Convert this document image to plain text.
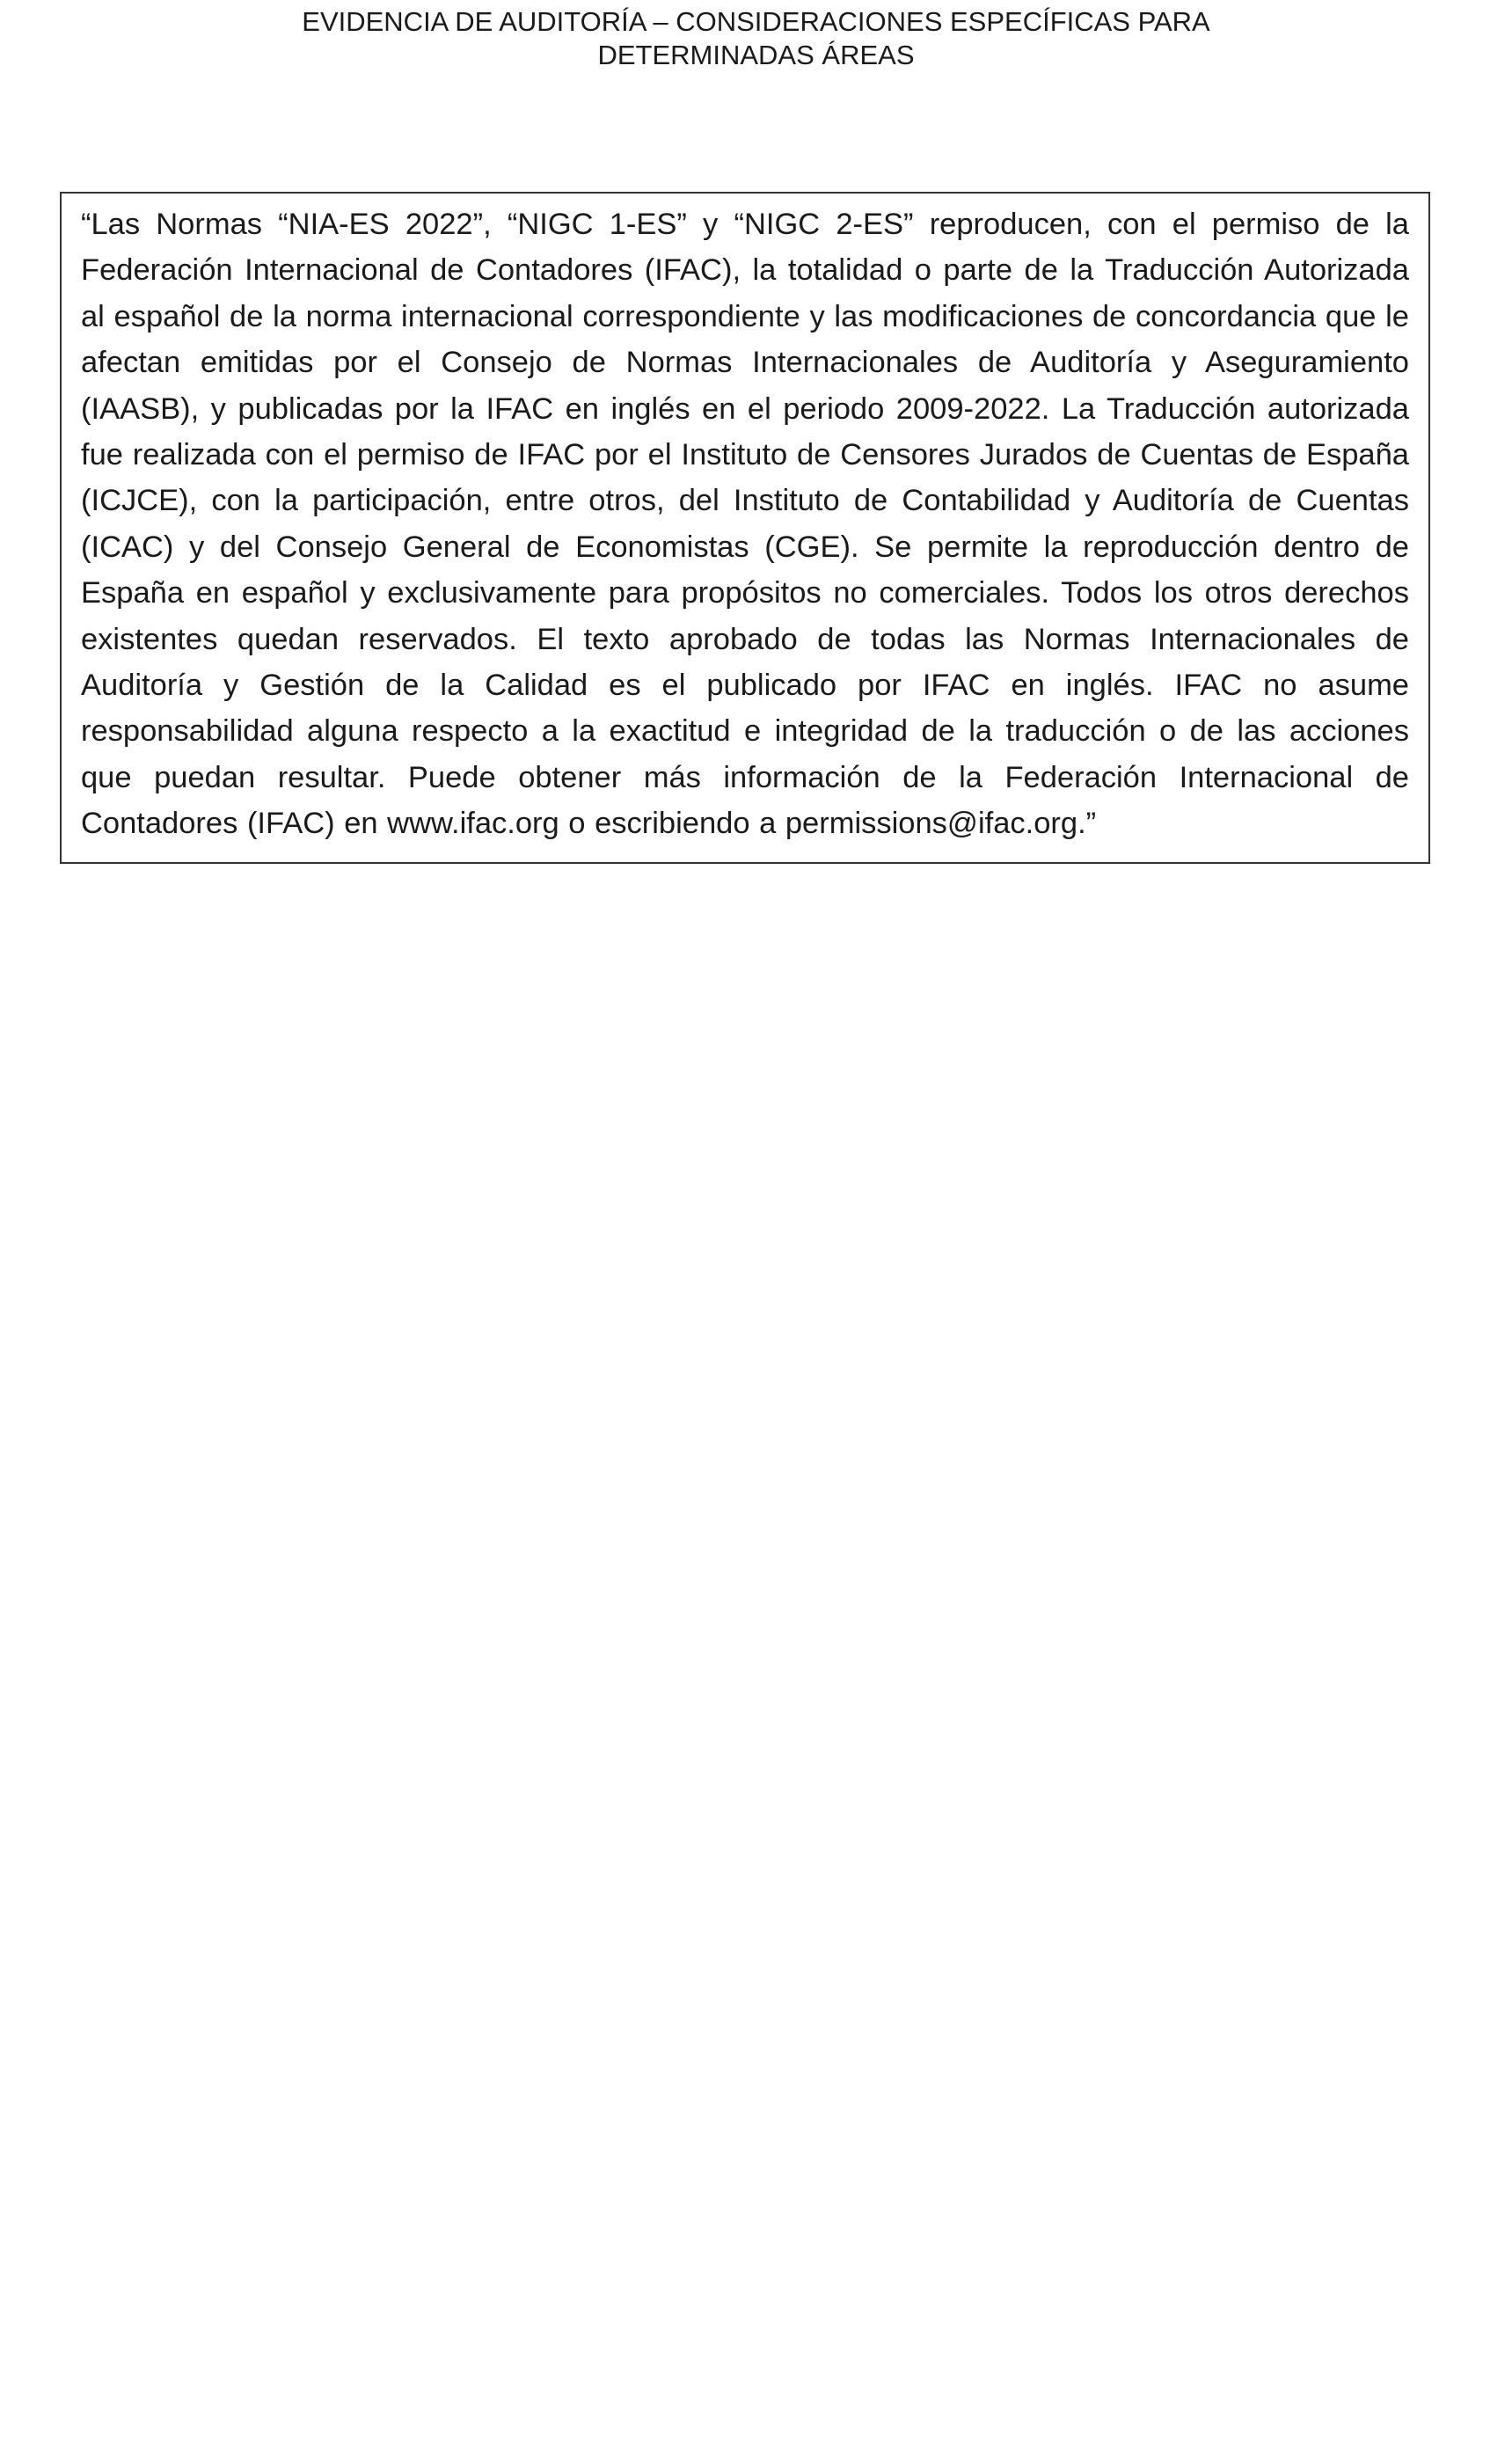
EVIDENCIA DE AUDITORÍA – CONSIDERACIONES ESPECÍFICAS PARA
DETERMINADAS ÁREAS

“Las Normas “NIA-ES 2022”, “NIGC 1-ES” y “NIGC 2-ES” reproducen, con el permiso de la Federación Internacional de Contadores (IFAC), la totalidad o parte de la Traducción Autorizada al español de la norma internacional correspondiente y las modificaciones de concordancia que le afectan emitidas por el Consejo de Normas Internacionales de Auditoría y Aseguramiento (IAASB), y publicadas por la IFAC en inglés en el periodo 2009-2022. La Traducción autorizada fue realizada con el permiso de IFAC por el Instituto de Censores Jurados de Cuentas de España (ICJCE), con la participación, entre otros, del Instituto de Contabilidad y Auditoría de Cuentas (ICAC) y del Consejo General de Economistas (CGE). Se permite la reproducción dentro de España en español y exclusivamente para propósitos no comerciales. Todos los otros derechos existentes quedan reservados. El texto aprobado de todas las Normas Internacionales de Auditoría y Gestión de la Calidad es el publicado por IFAC en inglés. IFAC no asume responsabilidad alguna respecto a la exactitud e integridad de la traducción o de las acciones que puedan resultar. Puede obtener más información de la Federación Internacional de Contadores (IFAC) en www.ifac.org o escribiendo a permissions@ifac.org.”
